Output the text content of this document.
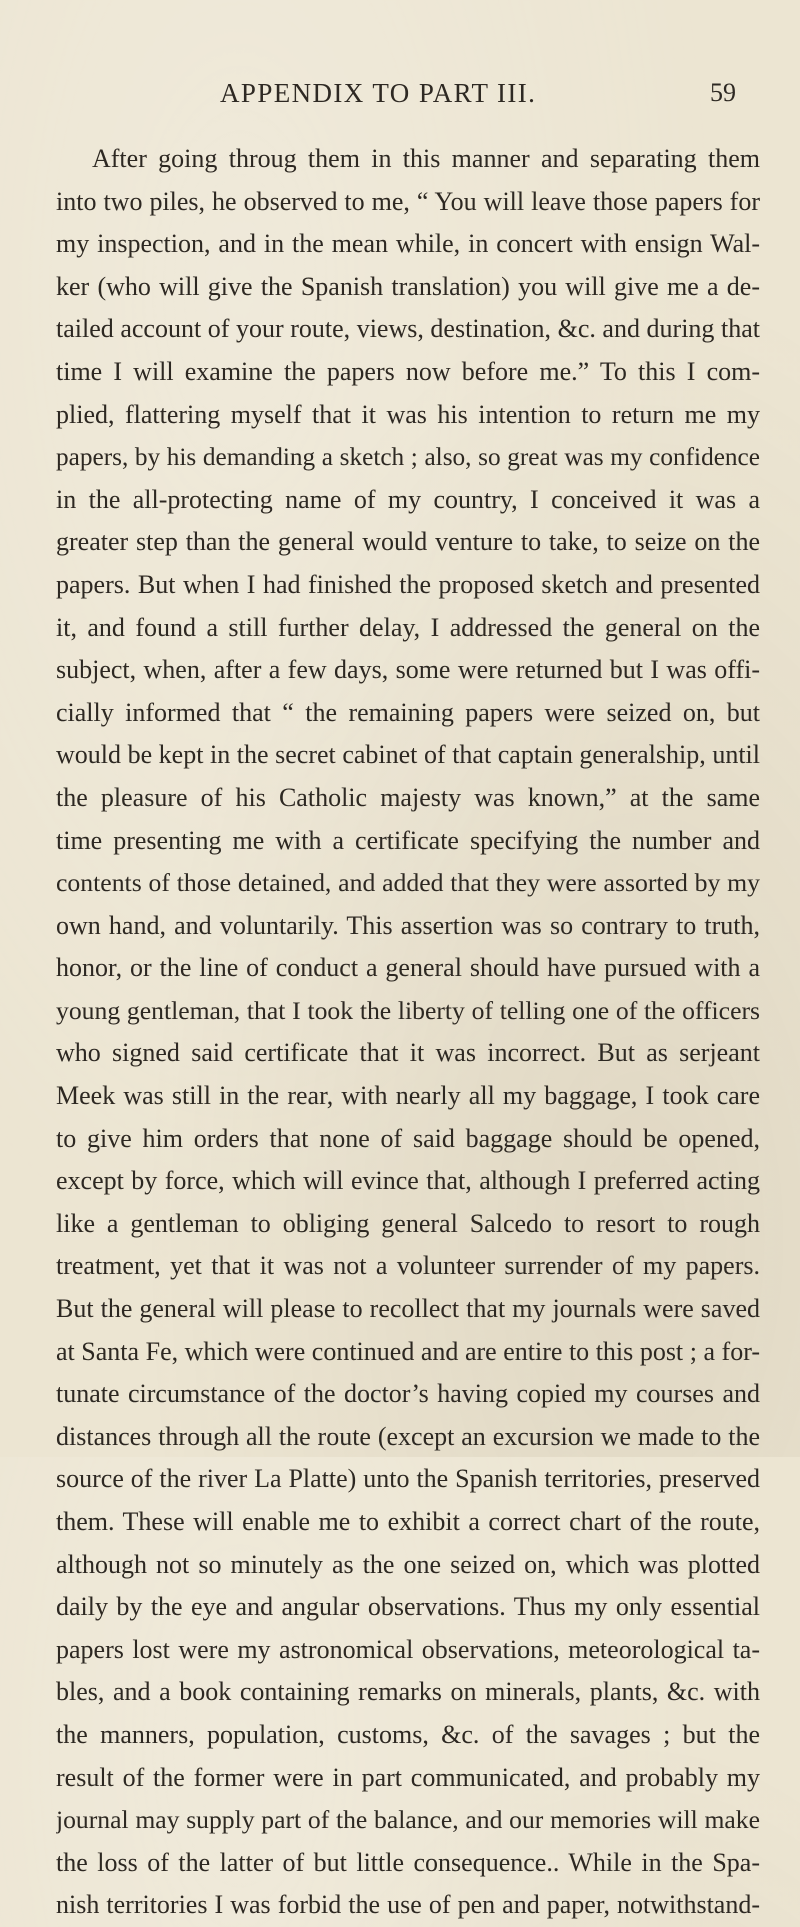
APPENDIX TO PART III.	59
After going throug them in this manner and separating them
into two piles, he observed to me, “ You will leave those papers for
my inspection, and in the mean while, in concert with ensign Wal-
ker (who will give the Spanish translation) you will give me a de-
tailed account of your route, views, destination, &c. and during that
time I will examine the papers now before me.” To this I com-
plied, flattering myself that it was his intention to return me my
papers, by his demanding a sketch ; also, so great was my confidence
in the all-protecting name of my country, I conceived it was a
greater step than the general would venture to take, to seize on the
papers. But when I had finished the proposed sketch and presented
it, and found a still further delay, I addressed the general on the
subject, when, after a few days, some were returned but I was offi-
cially informed that “ the remaining papers were seized on, but
would be kept in the secret cabinet of that captain generalship, until
the pleasure of his Catholic majesty was known,” at the same
time presenting me with a certificate specifying the number and
contents of those detained, and added that they were assorted by my
own hand, and voluntarily. This assertion was so contrary to truth,
honor, or the line of conduct a general should have pursued with a
young gentleman, that I took the liberty of telling one of the officers
who signed said certificate that it was incorrect. But as serjeant
Meek was still in the rear, with nearly all my baggage, I took care
to give him orders that none of said baggage should be opened,
except by force, which will evince that, although I preferred acting
like a gentleman to obliging general Salcedo to resort to rough
treatment, yet that it was not a volunteer surrender of my papers.
But the general will please to recollect that my journals were saved
at Santa Fe, which were continued and are entire to this post ; a for-
tunate circumstance of the doctor’s having copied my courses and
distances through all the route (except an excursion we made to the
source of the river La Platte) unto the Spanish territories, preserved
them. These will enable me to exhibit a correct chart of the route,
although not so minutely as the one seized on, which was plotted
daily by the eye and angular observations. Thus my only essential
papers lost were my astronomical observations, meteorological ta-
bles, and a book containing remarks on minerals, plants, &c. with
the manners, population, customs, &c. of the savages ; but the
result of the former were in part communicated, and probably my
journal may supply part of the balance, and our memories will make
the loss of the latter of but little consequence.. While in the Spa-
nish territories I was forbid the use of pen and paper, notwithstand-
